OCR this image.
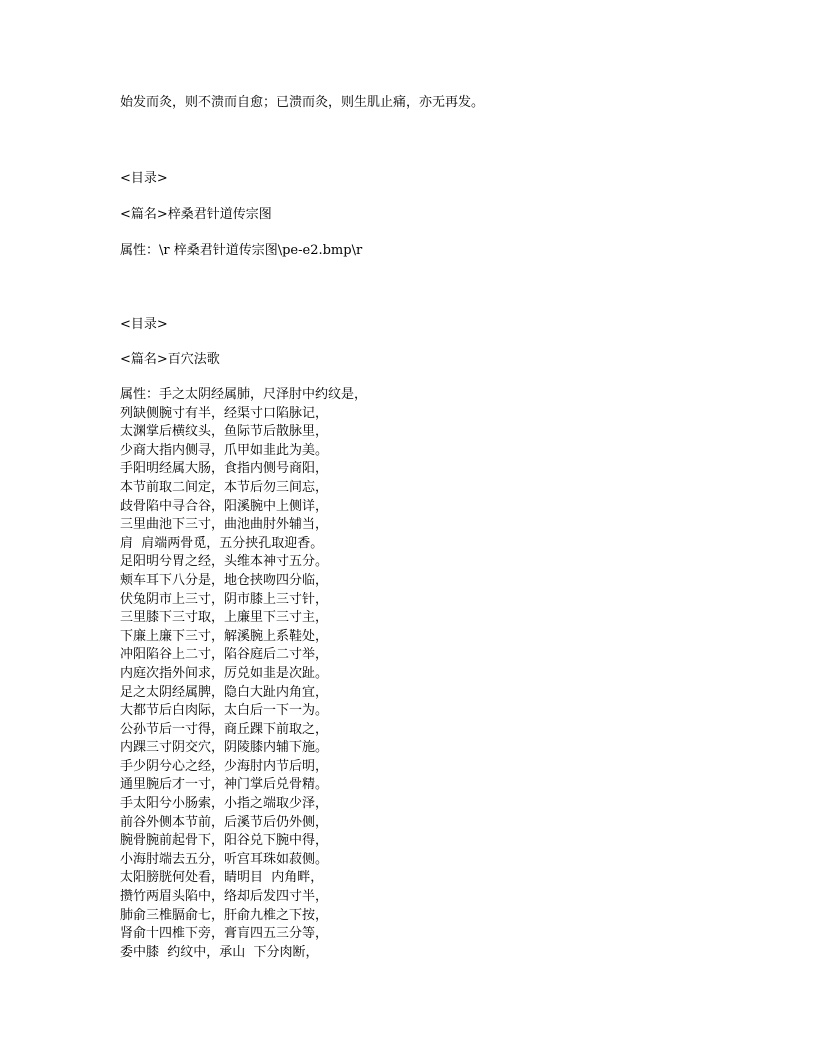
始发而灸，则不溃而自愈；已溃而灸，则生肌止痛，亦无再发。
<目录>
<篇名>梓桑君针道传宗图
属性：\r 梓桑君针道传宗图\pe-e2.bmp\r
<目录>
<篇名>百穴法歌
属性：手之太阴经属肺，尺泽肘中约纹是，
列缺侧腕寸有半，经渠寸口陷脉记，
太渊掌后横纹头，鱼际节后散脉里，
少商大指内侧寻，爪甲如韭此为美。
手阳明经属大肠，食指内侧号商阳，
本节前取二间定，本节后勿三间忘，
歧骨陷中寻合谷，阳溪腕中上侧详，
三里曲池下三寸，曲池曲肘外辅当，
肩  肩端两骨觅，五分挟孔取迎香。
足阳明兮胃之经，头维本神寸五分。
颊车耳下八分是，地仓挟吻四分临，
伏兔阴市上三寸，阴市膝上三寸针，
三里膝下三寸取，上廉里下三寸主，
下廉上廉下三寸，解溪腕上系鞋处，
冲阳陷谷上二寸，陷谷庭后二寸举，
内庭次指外间求，厉兑如韭是次趾。
足之太阴经属脾，隐白大趾内角宜，
大都节后白肉际，太白后一下一为。
公孙节后一寸得，商丘踝下前取之，
内踝三寸阴交穴，阴陵膝内辅下施。
手少阴兮心之经，少海肘内节后明，
通里腕后才一寸，神门掌后兑骨精。
手太阳兮小肠索，小指之端取少泽，
前谷外侧本节前，后溪节后仍外侧，
腕骨腕前起骨下，阳谷兑下腕中得，
小海肘端去五分，听宫耳珠如菽侧。
太阳膀胱何处看，睛明目  内角畔，
攒竹两眉头陷中，络却后发四寸半，
肺俞三椎膈俞七，肝俞九椎之下按，
肾俞十四椎下旁，膏肓四五三分等，
委中膝  约纹中，承山  下分肉断，
